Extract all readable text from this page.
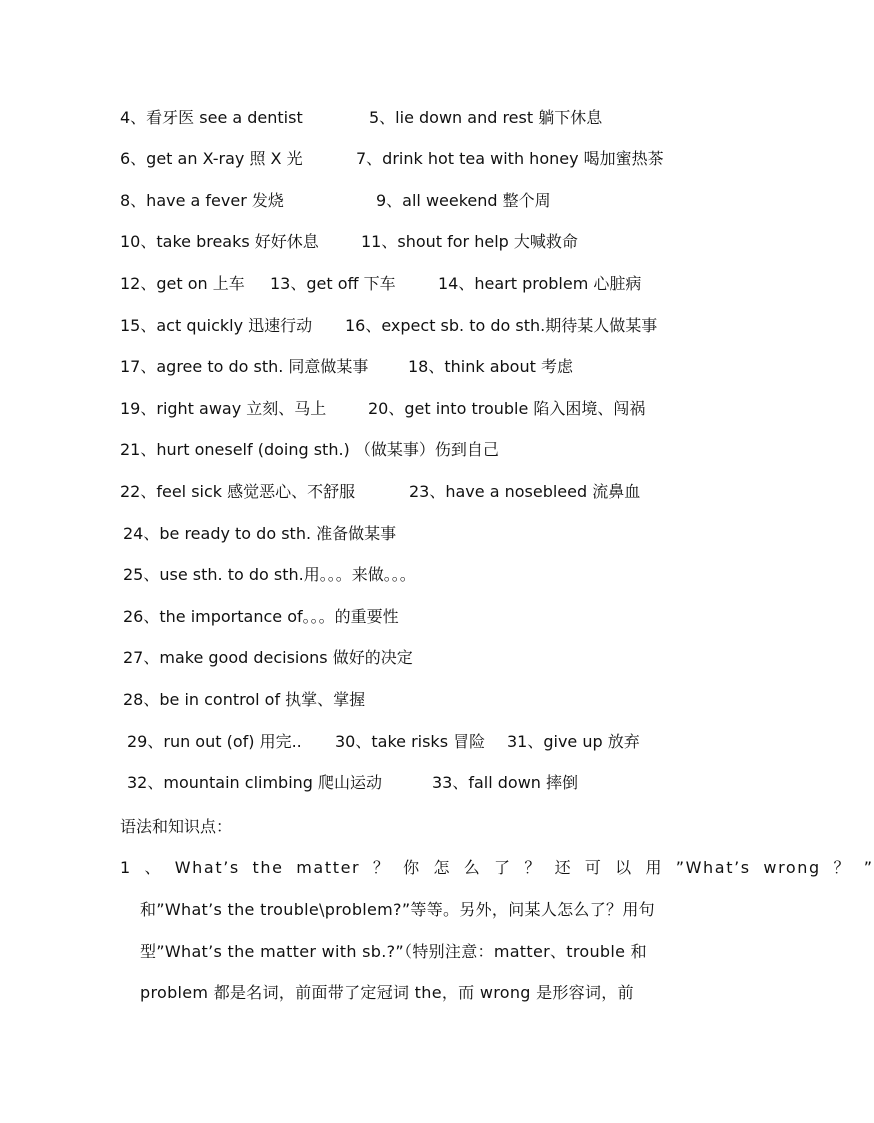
4、看牙医 see a dentist	5、lie down and rest 躺下休息
6、get an X-ray 照 X 光	7、drink hot tea with honey 喝加蜜热茶
8、have a fever 发烧	9、all weekend 整个周
10、take breaks 好好休息	11、shout for help 大喊救命
12、get on 上车 13、get off 下车	14、heart problem 心脏病
15、act quickly 迅速行动 16、expect sb. to do sth.期待某人做某事
17、agree to do sth. 同意做某事 18、think about 考虑
19、right away 立刻、马上	20、get into trouble 陷入困境、闯祸
21、hurt oneself (doing sth.) （做某事）伤到自己
22、feel sick 感觉恶心、不舒服	23、have a nosebleed 流鼻血
24、be ready to do sth. 准备做某事
25、use sth. to do sth.用。。。来做。。。
26、the importance of。。。的重要性
27、make good decisions 做好的决定
28、be in control of 执掌、掌握
29、run out (of) 用完.. 30、take risks 冒险 31、give up 放弃
32、mountain climbing 爬山运动	33、fall down 摔倒
语法和知识点：
1 、 What’s the matter ？ 你 怎 么 了 ？ 还 可 以 用 ”What’s wrong ？ ”
和”What’s the trouble\problem?”等等。另外，问某人怎么了？用句
型”What’s the matter with sb.?”（特别注意：matter、trouble 和
problem 都是名词，前面带了定冠词 the，而 wrong 是形容词，前
